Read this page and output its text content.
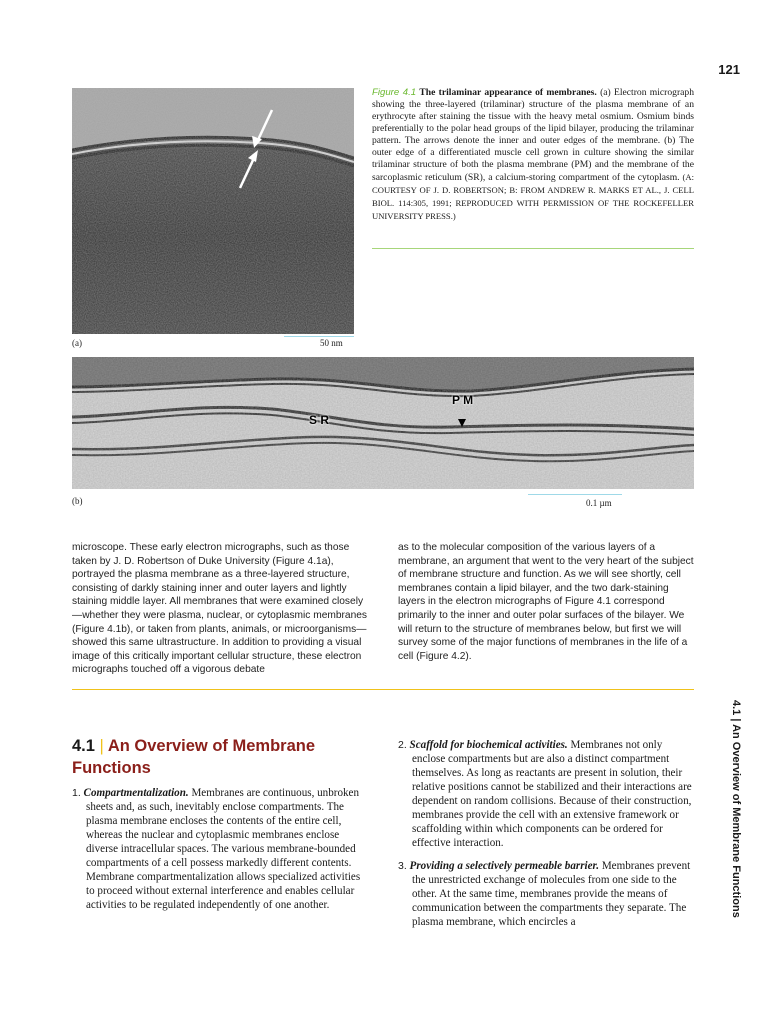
121
(a)	50 nm
Figure 4.1 The trilaminar appearance of membranes. (a) Electron micrograph showing the three-layered (trilaminar) structure of the plasma membrane of an erythrocyte after staining the tissue with the heavy metal osmium. Osmium binds preferentially to the polar head groups of the lipid bilayer, producing the trilaminar pattern. The arrows denote the inner and outer edges of the membrane. (b) The outer edge of a differentiated muscle cell grown in culture showing the similar trilaminar structure of both the plasma membrane (PM) and the membrane of the sarcoplasmic reticulum (SR), a calcium-storing compartment of the cytoplasm. (A: COURTESY OF J. D. ROBERTSON; B: FROM ANDREW R. MARKS ET AL., J. CELL BIOL. 114:305, 1991; REPRODUCED WITH PERMISSION OF THE ROCKEFELLER UNIVERSITY PRESS.)
P M
S R
(b)	0.1 µm
microscope. These early electron micrographs, such as those taken by J. D. Robertson of Duke University (Figure 4.1a), portrayed the plasma membrane as a three-layered structure, consisting of darkly staining inner and outer layers and lightly staining middle layer. All membranes that were examined closely—whether they were plasma, nuclear, or cytoplasmic membranes (Figure 4.1b), or taken from plants, animals, or microorganisms—showed this same ultrastructure. In addition to providing a visual image of this critically important cellular structure, these electron micrographs touched off a vigorous debate
as to the molecular composition of the various layers of a membrane, an argument that went to the very heart of the subject of membrane structure and function. As we will see shortly, cell membranes contain a lipid bilayer, and the two dark-staining layers in the electron micrographs of Figure 4.1 correspond primarily to the inner and outer polar surfaces of the bilayer. We will return to the structure of membranes below, but first we will survey some of the major functions of membranes in the life of a cell (Figure 4.2).
4.1 | An Overview of Membrane Functions

1. Compartmentalization. Membranes are continuous, unbroken sheets and, as such, inevitably enclose compartments. The plasma membrane encloses the contents of the entire cell, whereas the nuclear and cytoplasmic membranes enclose diverse intracellular spaces. The various membrane-bounded compartments of a cell possess markedly different contents. Membrane compartmentalization allows specialized activities to proceed without external interference and enables cellular activities to be regulated independently of one another.

2. Scaffold for biochemical activities. Membranes not only enclose compartments but are also a distinct compartment themselves. As long as reactants are present in solution, their relative positions cannot be stabilized and their interactions are dependent on random collisions. Because of their construction, membranes provide the cell with an extensive framework or scaffolding within which components can be ordered for effective interaction.

3. Providing a selectively permeable barrier. Membranes prevent the unrestricted exchange of molecules from one side to the other. At the same time, membranes provide the means of communication between the compartments they separate. The plasma membrane, which encircles a

4.1 | An Overview of Membrane Functions
